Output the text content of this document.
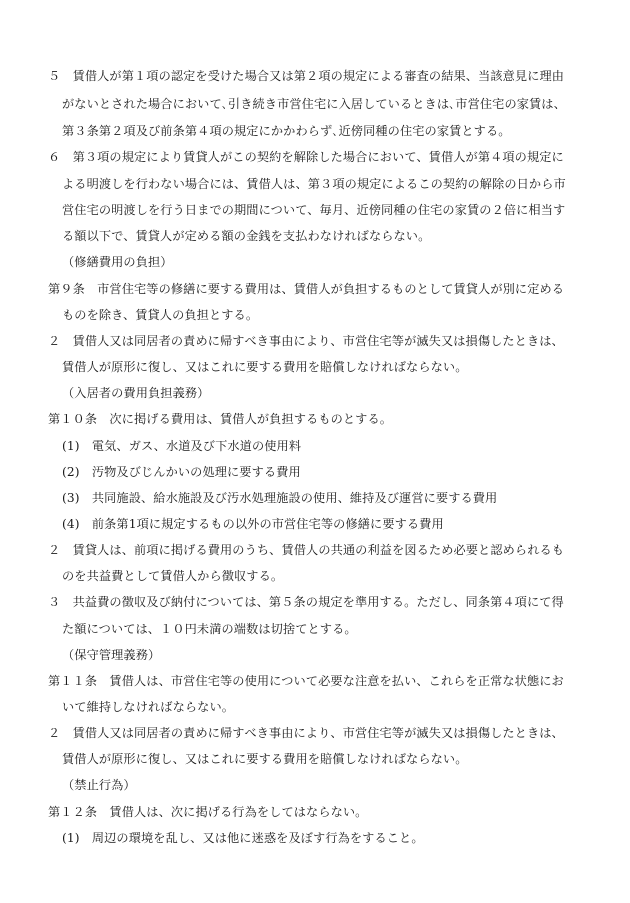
５　賃借人が第１項の認定を受けた場合又は第２項の規定による審査の結果、当該意見に理由
がないとされた場合において､引き続き市営住宅に入居しているときは､市営住宅の家賃は、
第３条第２項及び前条第４項の規定にかかわらず､近傍同種の住宅の家賃とする。
６　第３項の規定により賃貸人がこの契約を解除した場合において、賃借人が第４項の規定に
よる明渡しを行わない場合には、賃借人は、第３項の規定によるこの契約の解除の日から市
営住宅の明渡しを行う日までの期間について、毎月、近傍同種の住宅の家賃の２倍に相当す
る額以下で、賃貸人が定める額の金銭を支払わなければならない。
（修繕費用の負担）
第９条　市営住宅等の修繕に要する費用は、賃借人が負担するものとして賃貸人が別に定める
ものを除き、賃貸人の負担とする。
２　賃借人又は同居者の責めに帰すべき事由により、市営住宅等が滅失又は損傷したときは、
賃借人が原形に復し、又はこれに要する費用を賠償しなければならない。
（入居者の費用負担義務）
第１０条　次に掲げる費用は、賃借人が負担するものとする。
(1)　電気、ガス、水道及び下水道の使用料
(2)　汚物及びじんかいの処理に要する費用
(3)　共同施設、給水施設及び汚水処理施設の使用、維持及び運営に要する費用
(4)　前条第1項に規定するもの以外の市営住宅等の修繕に要する費用
２　賃貸人は、前項に掲げる費用のうち、賃借人の共通の利益を図るため必要と認められるも
のを共益費として賃借人から徴収する。
３　共益費の徴収及び納付については、第５条の規定を準用する。ただし、同条第４項にて得
た額については、１０円未満の端数は切捨てとする。
（保守管理義務）
第１１条　賃借人は、市営住宅等の使用について必要な注意を払い、これらを正常な状態にお
いて維持しなければならない。
２　賃借人又は同居者の責めに帰すべき事由により、市営住宅等が滅失又は損傷したときは、
賃借人が原形に復し、又はこれに要する費用を賠償しなければならない。
（禁止行為）
第１２条　賃借人は、次に掲げる行為をしてはならない。
(1)　周辺の環境を乱し、又は他に迷惑を及ぼす行為をすること。
